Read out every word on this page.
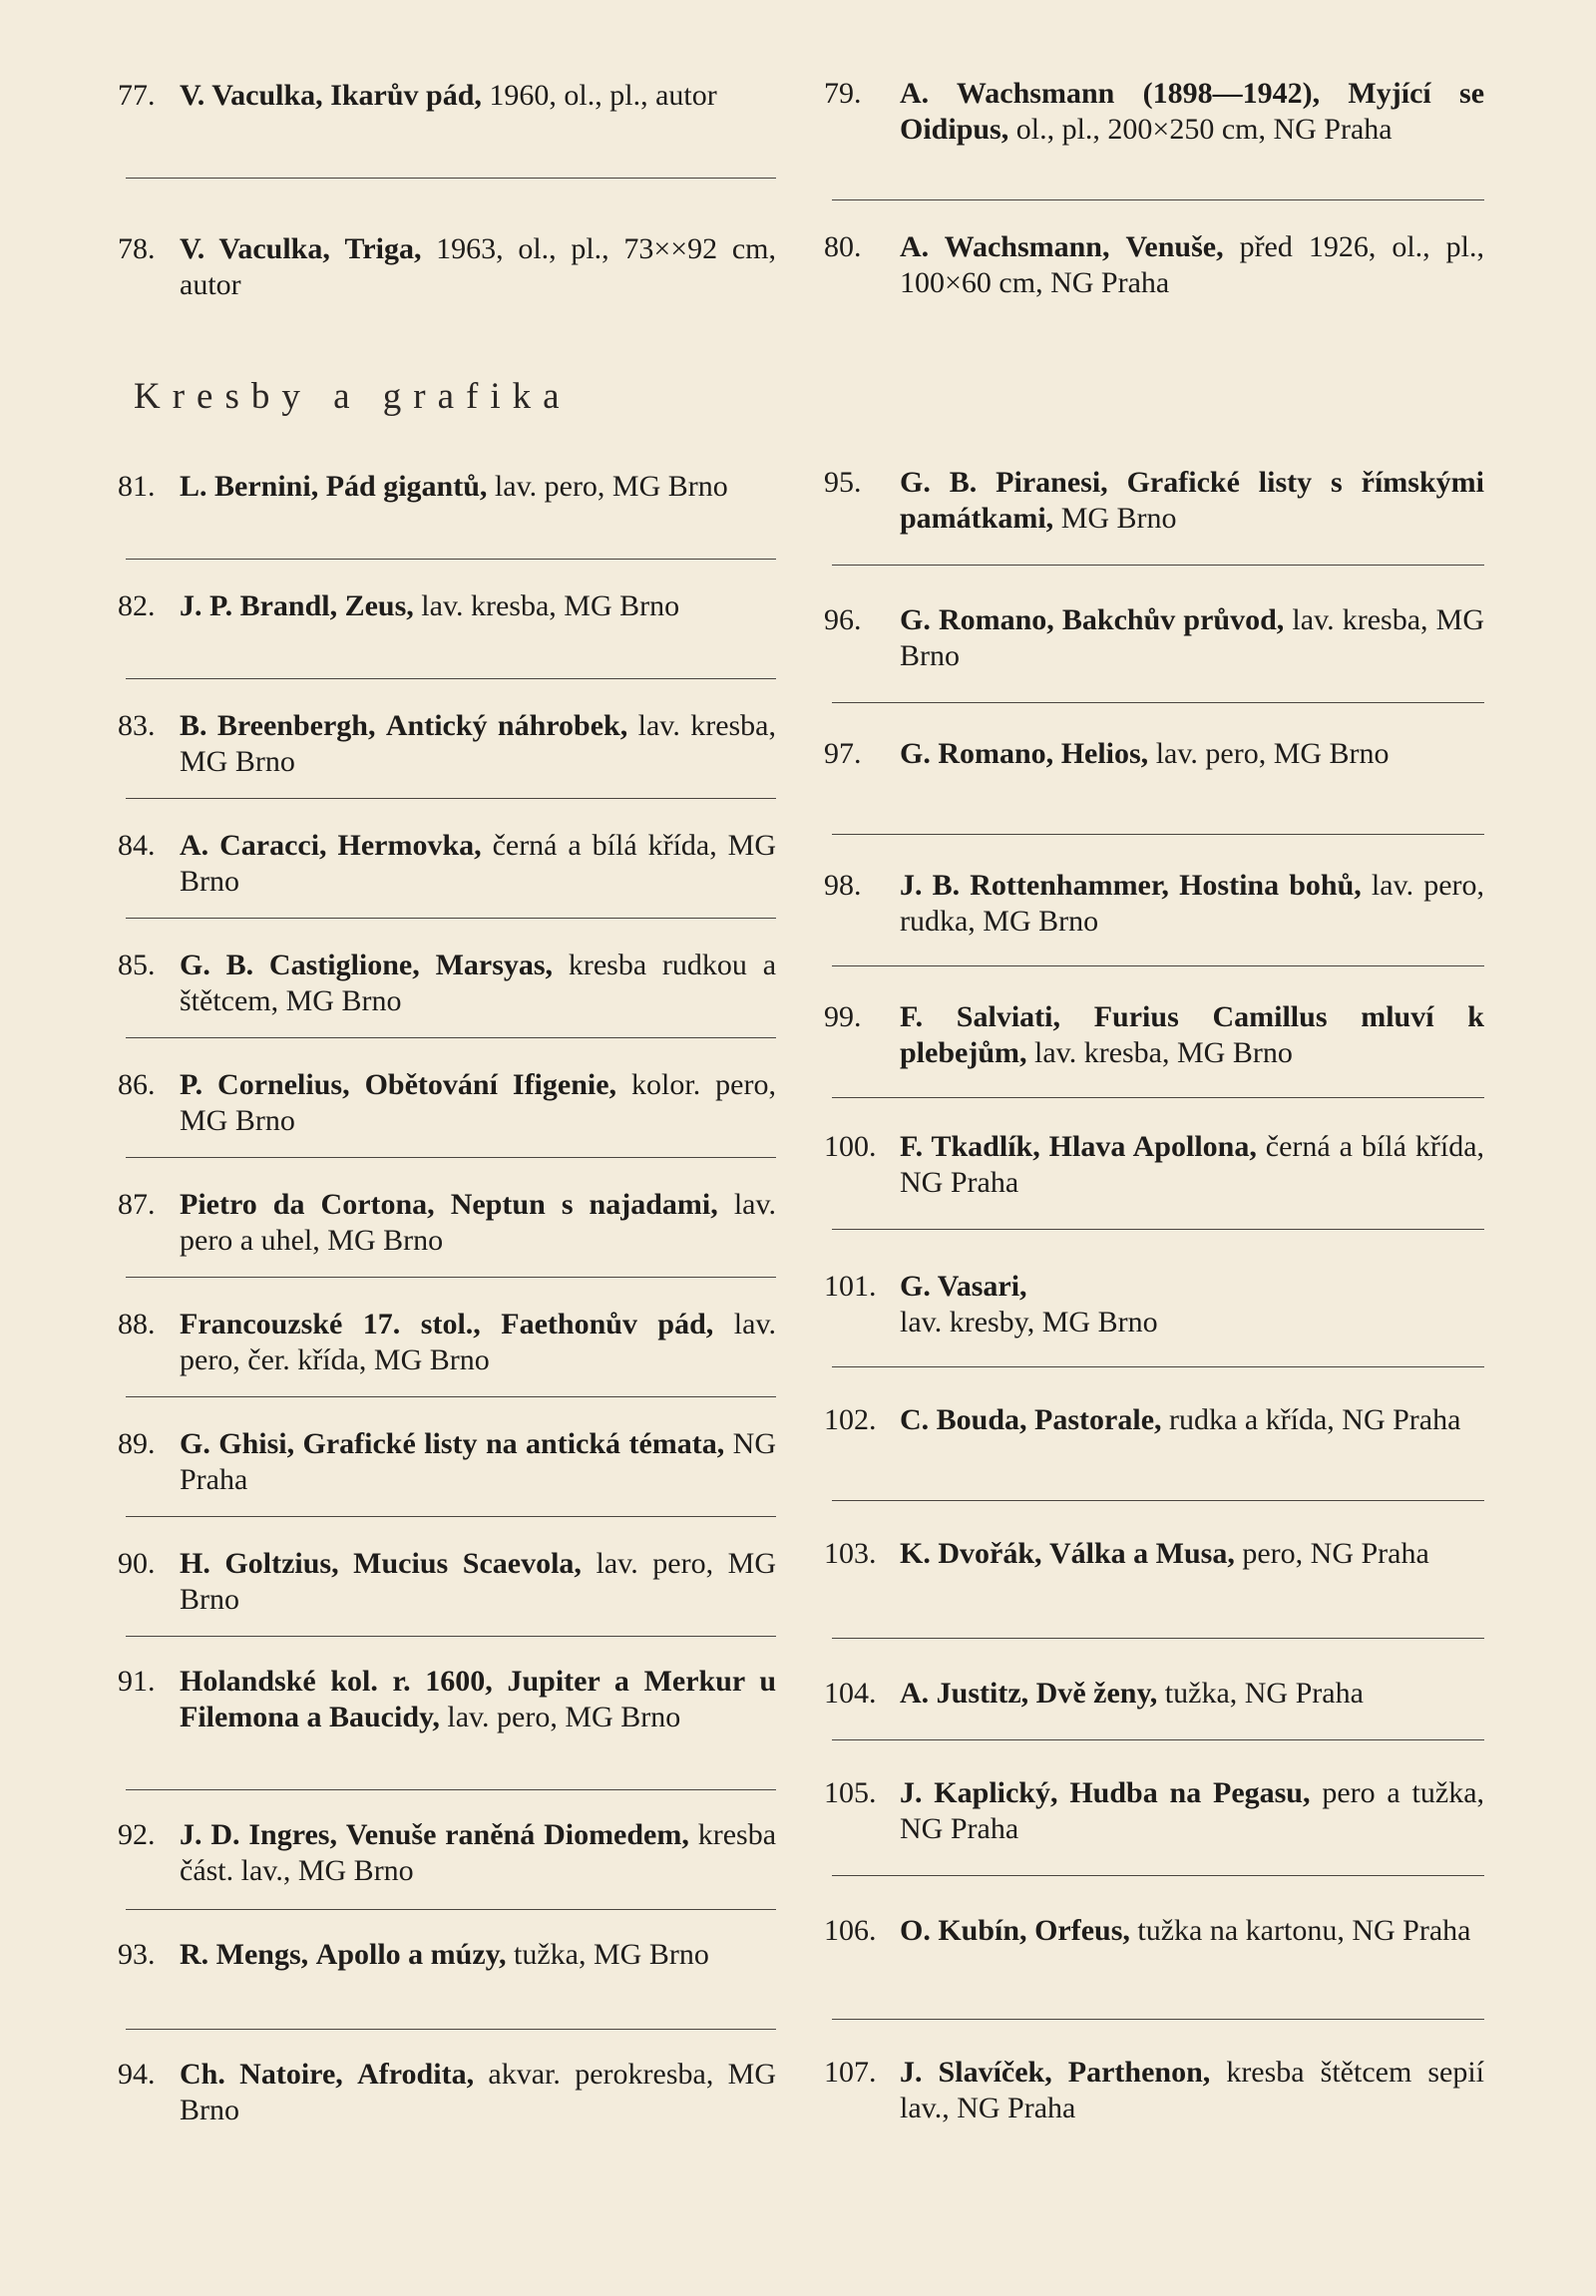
77. V. Vaculka, Ikarův pád, 1960, ol., pl., autor
78. V. Vaculka, Triga, 1963, ol., pl., 73××92 cm, autor
79.	A. Wachsmann (1898—1942), Myjící se Oidipus, ol., pl., 200×250 cm, NG Praha
80.	A. Wachsmann, Venuše, před 1926, ol., pl., 100×60 cm, NG Praha
Kresby a grafika
81. L. Bernini, Pád gigantů, lav. pero, MG Brno
82. J. P. Brandl, Zeus, lav. kresba, MG Brno
83. B. Breenbergh, Antický náhrobek, lav. kresba, MG Brno
84. A. Caracci, Hermovka, černá a bílá křída, MG Brno
85. G. B. Castiglione, Marsyas, kresba rudkou a štětcem, MG Brno
86. P. Cornelius, Obětování Ifigenie, kolor. pero, MG Brno
87. Pietro da Cortona, Neptun s najadami, lav. pero a uhel, MG Brno
88. Francouzské 17. stol., Faethonův pád, lav. pero, čer. křída, MG Brno
89. G. Ghisi, Grafické listy na antická témata, NG Praha
90. H. Goltzius, Mucius Scaevola, lav. pero, MG Brno
91. Holandské kol. r. 1600, Jupiter a Merkur u Filemona a Baucidy, lav. pero, MG Brno
92. J. D. Ingres, Venuše raněná Diomedem, kresba část. lav., MG Brno
93. R. Mengs, Apollo a múzy, tužka, MG Brno
94. Ch. Natoire, Afrodita, akvar. perokresba, MG Brno
95.	G. B. Piranesi, Grafické listy s římskými památkami, MG Brno
96.	G. Romano, Bakchův průvod, lav. kresba, MG Brno
97.	G. Romano, Helios, lav. pero, MG Brno
98.	J. B. Rottenhammer, Hostina bohů, lav. pero, rudka, MG Brno
99.	F. Salviati, Furius Camillus mluví k plebejům, lav. kresba, MG Brno
100. F. Tkadlík, Hlava Apollona, černá a bílá křída, NG Praha
101. G. Vasari,
lav. kresby, MG Brno
102. C. Bouda, Pastorale, rudka a křída, NG Praha
103. K. Dvořák, Válka a Musa, pero, NG Praha
104. A. Justitz, Dvě ženy, tužka, NG Praha
105. J. Kaplický, Hudba na Pegasu, pero a tužka, NG Praha
106. O. Kubín, Orfeus, tužka na kartonu, NG Praha
107. J. Slavíček, Parthenon, kresba štětcem sepií lav., NG Praha
